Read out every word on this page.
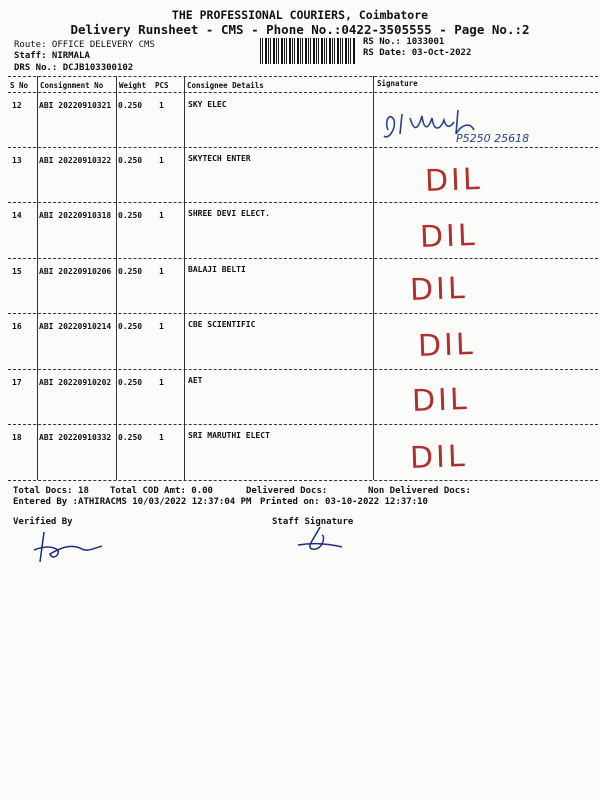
THE PROFESSIONAL COURIERS, Coimbatore
Delivery Runsheet - CMS - Phone No.:0422-3505555 - Page No.:2
Route: OFFICE DELEVERY CMS
Staff: NIRMALA
DRS No.: DCJB103300102
RS No.: 1033001
RS Date: 03-Oct-2022
S No Consignment No Weight PCS Consignee Details	Signature
12 ABI 20220910321 0.250 1	SKY ELEC
P5250 25618
13 ABI 20220910322 0.250 1	SKYTECH ENTER
DIL
14 ABI 20220910318 0.250 1	SHREE DEVI ELECT.
DIL
15 ABI 20220910206 0.250 1	BALAJI BELTI
DIL
16 ABI 20220910214 0.250 1	CBE SCIENTIFIC
DIL
17 ABI 20220910202 0.250 1	AET
DIL
18 ABI 20220910332 0.250 1	SRI MARUTHI ELECT
DIL
Total Docs: 18 Total COD Amt: 0.00	Delivered Docs:	Non Delivered Docs:
Entered By :ATHIRACMS 10/03/2022 12:37:04 PM Printed on: 03-10-2022 12:37:10
Verified By	Staff Signature
